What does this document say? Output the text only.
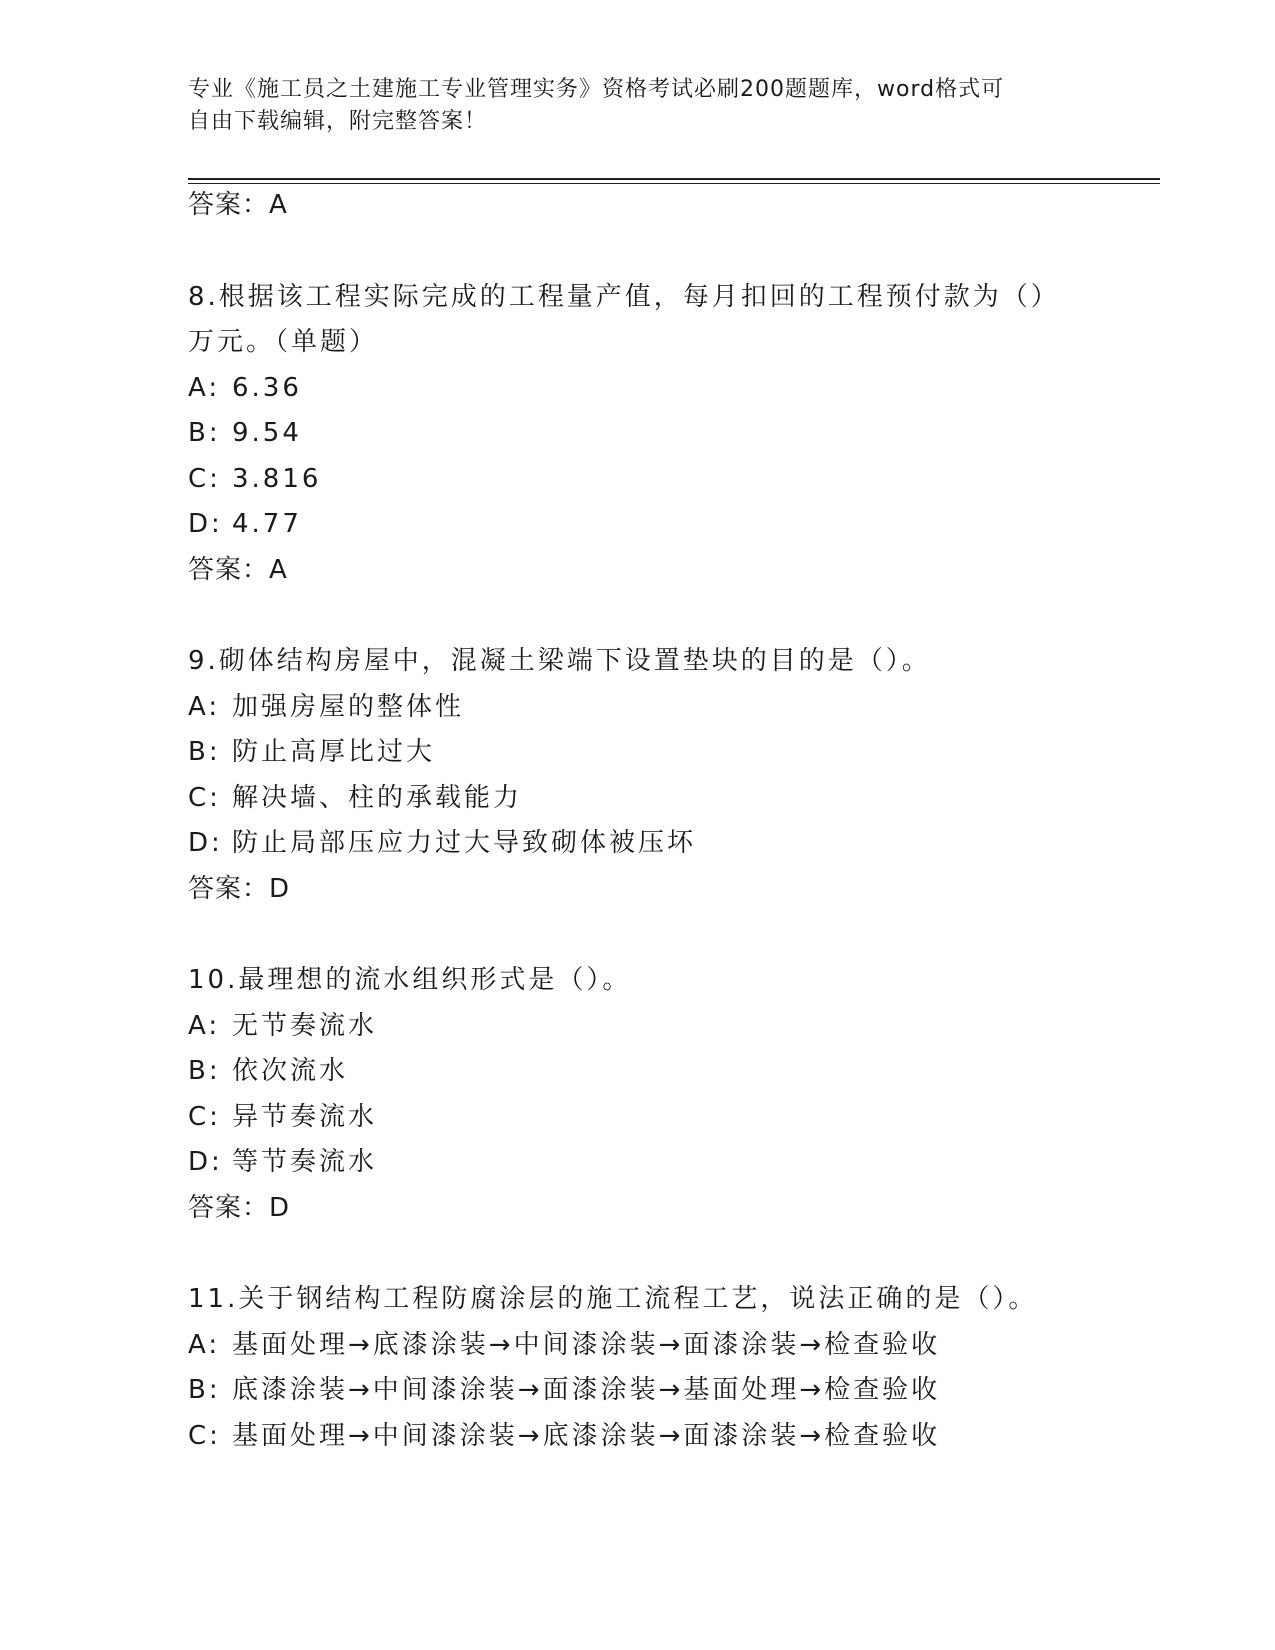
专业《施工员之土建施工专业管理实务》资格考试必刷200题题库，word格式可
自由下载编辑，附完整答案！
答案：A
8.根据该工程实际完成的工程量产值，每月扣回的工程预付款为（）
万元。（单题）
A: 6.36
B: 9.54
C: 3.816
D: 4.77
答案：A
9.砌体结构房屋中，混凝土梁端下设置垫块的目的是（）。
A: 加强房屋的整体性
B: 防止高厚比过大
C: 解决墙、柱的承载能力
D: 防止局部压应力过大导致砌体被压坏
答案：D
10.最理想的流水组织形式是（）。
A: 无节奏流水
B: 依次流水
C: 异节奏流水
D: 等节奏流水
答案：D
11.关于钢结构工程防腐涂层的施工流程工艺，说法正确的是（）。
A: 基面处理→底漆涂装→中间漆涂装→面漆涂装→检查验收
B: 底漆涂装→中间漆涂装→面漆涂装→基面处理→检查验收
C: 基面处理→中间漆涂装→底漆涂装→面漆涂装→检查验收
